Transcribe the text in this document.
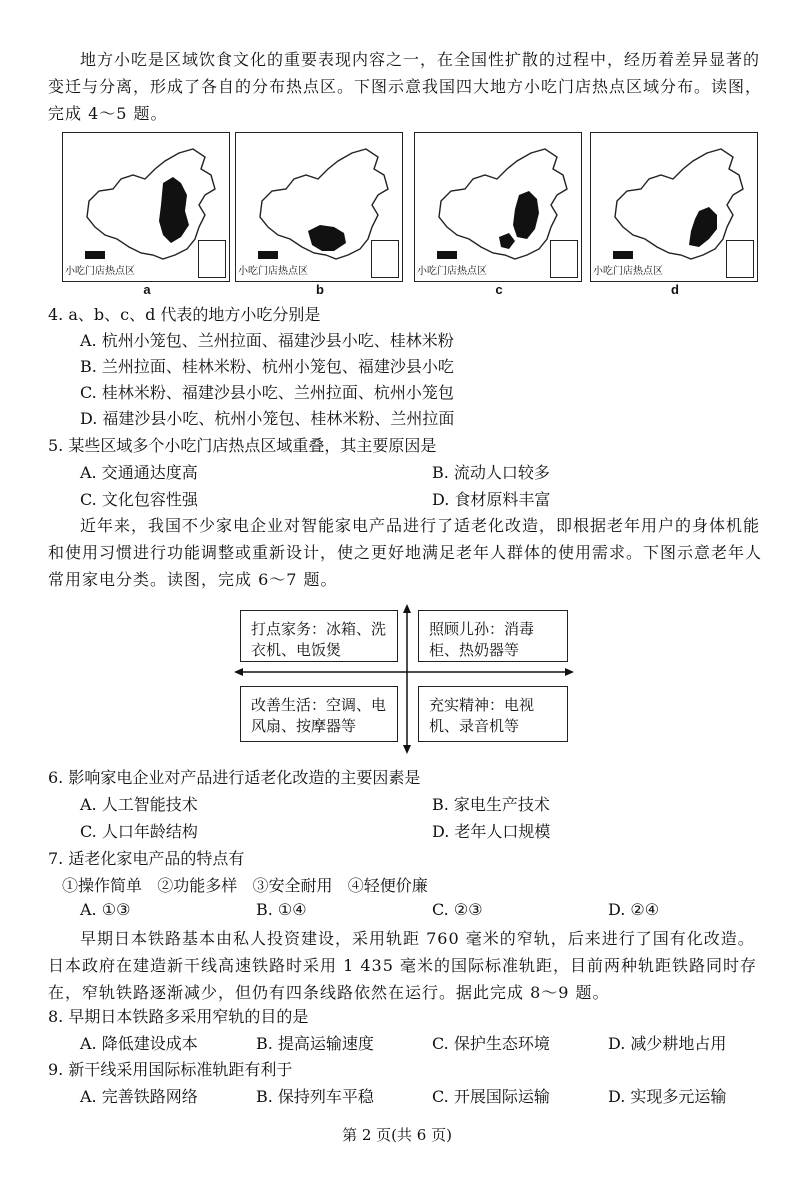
地方小吃是区域饮食文化的重要表现内容之一，在全国性扩散的过程中，经历着差异显著的变迁与分离，形成了各自的分布热点区。下图示意我国四大地方小吃门店热点区域分布。读图，完成 4～5 题。
小吃门店热点区
a
小吃门店热点区
b
小吃门店热点区
c
小吃门店热点区
d
4. a、b、c、d 代表的地方小吃分别是
A. 杭州小笼包、兰州拉面、福建沙县小吃、桂林米粉
B. 兰州拉面、桂林米粉、杭州小笼包、福建沙县小吃
C. 桂林米粉、福建沙县小吃、兰州拉面、杭州小笼包
D. 福建沙县小吃、杭州小笼包、桂林米粉、兰州拉面
5. 某些区域多个小吃门店热点区域重叠，其主要原因是
A. 交通通达度高	B. 流动人口较多
C. 文化包容性强	D. 食材原料丰富
近年来，我国不少家电企业对智能家电产品进行了适老化改造，即根据老年用户的身体机能和使用习惯进行功能调整或重新设计，使之更好地满足老年人群体的使用需求。下图示意老年人常用家电分类。读图，完成 6～7 题。
打点家务：冰箱、洗衣机、电饭煲
照顾儿孙：消毒柜、热奶器等
改善生活：空调、电风扇、按摩器等
充实精神：电视机、录音机等
6. 影响家电企业对产品进行适老化改造的主要因素是
A. 人工智能技术	B. 家电生产技术
C. 人口年龄结构	D. 老年人口规模
7. 适老化家电产品的特点有
①操作简单   ②功能多样   ③安全耐用   ④轻便价廉
A. ①③	B. ①④	C. ②③	D. ②④
早期日本铁路基本由私人投资建设，采用轨距 760 毫米的窄轨，后来进行了国有化改造。日本政府在建造新干线高速铁路时采用 1 435 毫米的国际标准轨距，目前两种轨距铁路同时存在，窄轨铁路逐渐减少，但仍有四条线路依然在运行。据此完成 8～9 题。
8. 早期日本铁路多采用窄轨的目的是
A. 降低建设成本	B. 提高运输速度	C. 保护生态环境	D. 减少耕地占用
9. 新干线采用国际标准轨距有利于
A. 完善铁路网络	B. 保持列车平稳	C. 开展国际运输	D. 实现多元运输
第 2 页(共 6 页)
